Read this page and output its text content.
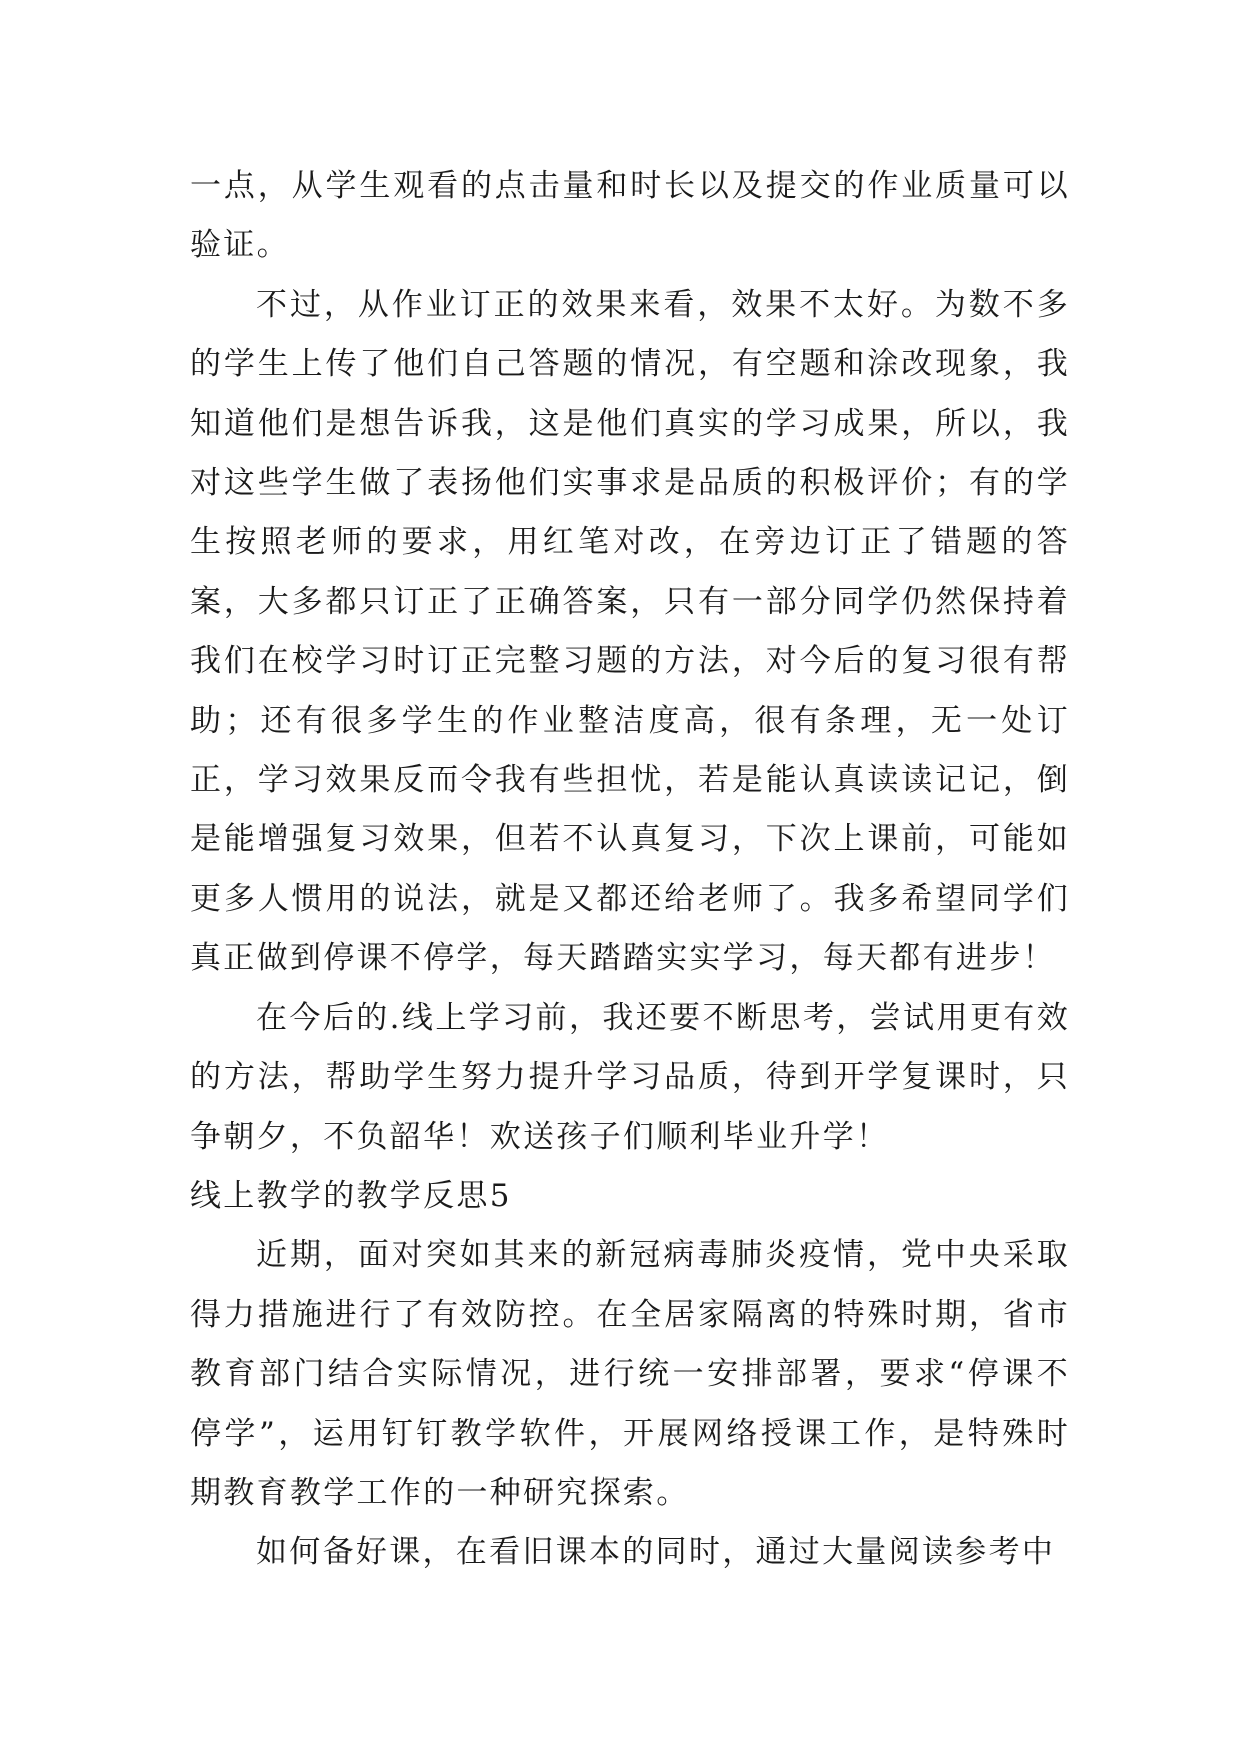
一点，从学生观看的点击量和时长以及提交的作业质量可以验证。

不过，从作业订正的效果来看，效果不太好。为数不多的学生上传了他们自己答题的情况，有空题和涂改现象，我知道他们是想告诉我，这是他们真实的学习成果，所以，我对这些学生做了表扬他们实事求是品质的积极评价；有的学生按照老师的要求，用红笔对改，在旁边订正了错题的答案，大多都只订正了正确答案，只有一部分同学仍然保持着我们在校学习时订正完整习题的方法，对今后的复习很有帮助；还有很多学生的作业整洁度高，很有条理，无一处订正，学习效果反而令我有些担忧，若是能认真读读记记，倒是能增强复习效果，但若不认真复习，下次上课前，可能如更多人惯用的说法，就是又都还给老师了。我多希望同学们真正做到停课不停学，每天踏踏实实学习，每天都有进步！

在今后的.线上学习前，我还要不断思考，尝试用更有效的方法，帮助学生努力提升学习品质，待到开学复课时，只争朝夕，不负韶华！欢送孩子们顺利毕业升学！

线上教学的教学反思5

近期，面对突如其来的新冠病毒肺炎疫情，党中央采取得力措施进行了有效防控。在全居家隔离的特殊时期，省市教育部门结合实际情况，进行统一安排部署，要求“停课不停学”，运用钉钉教学软件，开展网络授课工作，是特殊时期教育教学工作的一种研究探索。

如何备好课，在看旧课本的同时，通过大量阅读参考中
